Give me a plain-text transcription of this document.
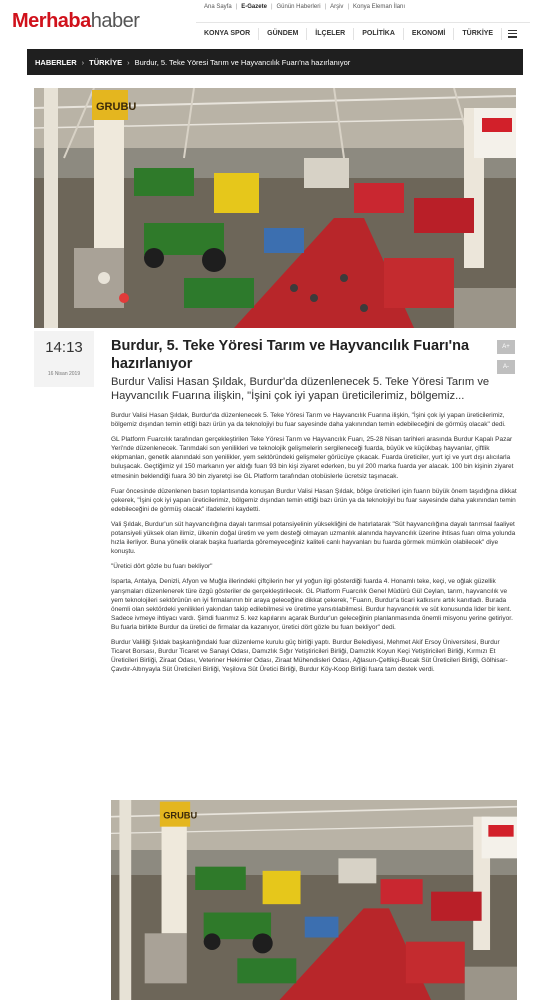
Merhabahaber
Ana Sayfa | E-Gazete | Günün Haberleri | Arşiv | Konya Eleman İlanı
KONYA SPOR	GÜNDEM	İLÇELER	POLİTİKA	EKONOMİ	TÜRKİYE
HABERLER › TÜRKİYE › Burdur, 5. Teke Yöresi Tarım ve Hayvancılık Fuarı'na hazırlanıyor
GRUBU
14:13
16 Nisan 2019
A+
A-
Burdur, 5. Teke Yöresi Tarım ve Hayvancılık Fuarı'na hazırlanıyor
Burdur Valisi Hasan Şıldak, Burdur'da düzenlenecek 5. Teke Yöresi Tarım ve Hayvancılık Fuarına ilişkin, "İşini çok iyi yapan üreticilerimiz, bölgemiz...

Burdur Valisi Hasan Şıldak, Burdur'da düzenlenecek 5. Teke Yöresi Tarım ve Hayvancılık Fuarına ilişkin, "İşini çok iyi yapan üreticilerimiz, bölgemiz dışından temin ettiği bazı ürün ya da teknolojiyi bu fuar sayesinde daha yakınından temin edebileceğini de görmüş olacak" dedi.

GL Platform Fuarcılık tarafından gerçekleştirilen Teke Yöresi Tarım ve Hayvancılık Fuarı, 25-28 Nisan tarihleri arasında Burdur Kapalı Pazar Yeri'nde düzenlenecek. Tarımdaki son yenilikleri ve teknolojik gelişmelerin sergileneceği fuarda, büyük ve küçükbaş hayvanlar, çiftlik ekipmanları, genetik alanındaki son yenilikler, yem sektöründeki gelişmeler görücüye çıkacak. Fuarda üreticiler, yurt içi ve yurt dışı alıcılarla buluşacak. Geçtiğimiz yıl 150 markanın yer aldığı fuarı 93 bin kişi ziyaret ederken, bu yıl 200 marka fuarda yer alacak. 100 bin kişinin ziyaret etmesinin beklendiği fuara 30 bin ziyaretçi ise GL Platform tarafından otobüslerle ücretsiz taşınacak.

Fuar öncesinde düzenlenen basın toplantısında konuşan Burdur Valisi Hasan Şıldak, bölge üreticileri için fuarın büyük önem taşıdığına dikkat çekerek, "İşini çok iyi yapan üreticilerimiz, bölgemiz dışından temin ettiği bazı ürün ya da teknolojiyi bu fuar sayesinde daha yakınından temin edebileceğini de görmüş olacak" ifadelerini kaydetti.

Vali Şıldak, Burdur'un süt hayvancılığına dayalı tarımsal potansiyelinin yüksekliğini de hatırlatarak "Süt hayvancılığına dayalı tarımsal faaliyet potansiyeli yüksek olan ilimiz, ülkenin doğal üretim ve yem desteği olmayan uzmanlık alanında hayvancılık üzerine ihtisas fuarı olma yolunda hızla ilerliyor. Buna yönelik olarak başka fuarlarda göremeyeceğiniz kaliteli canlı hayvanları bu fuarda görmek mümkün olabilecek" diye konuştu.

"Üretici dört gözle bu fuarı bekliyor"

Isparta, Antalya, Denizli, Afyon ve Muğla illerindeki çiftçilerin her yıl yoğun ilgi gösterdiği fuarda 4. Honamlı teke, keçi, ve oğlak güzellik yarışmaları düzenlenerek türe özgü gösteriler de gerçekleştirilecek. GL Platform Fuarcılık Genel Müdürü Gül Ceylan, tarım, hayvancılık ve yem teknolojileri sektörünün en iyi firmalarının bir araya geleceğine dikkat çekerek, "Fuarın, Burdur'a ticari katkısını artık kanıtladı. Burada önemli olan sektördeki yenilikleri yakından takip edilebilmesi ve üretime yansıtılabilmesi. Burdur hayvancılık ve süt konusunda lider bir kent. Sadece ivmeye ihtiyacı vardı. Şimdi fuarımız 5. kez kapılarını açarak Burdur'un geleceğinin planlanmasında önemli misyonu yerine getiriyor. Bu fuarla birlikte Burdur da üretici de firmalar da kazanıyor, üretici dört gözle bu fuarı bekliyor" dedi.

Burdur Valiliği Şıldak başkanlığındaki fuar düzenleme kurulu güç birliği yaptı. Burdur Belediyesi, Mehmet Akif Ersoy Üniversitesi, Burdur Ticaret Borsası, Burdur Ticaret ve Sanayi Odası, Damızlık Sığır Yetiştiricileri Birliği, Damızlık Koyun Keçi Yetiştiricileri Birliği, Kırmızı Et Üreticileri Birliği, Ziraat Odası, Veteriner Hekimler Odası, Ziraat Mühendisleri Odası, Ağlasun-Çeltikçi-Bucak Süt Üreticileri Birliği, Gölhisar-Çavdır-Altınyayla Süt Üreticileri Birliği, Yeşilova Süt Üretici Birliği, Burdur Köy-Koop Birliği fuara tam destek verdi.

GRUBU
